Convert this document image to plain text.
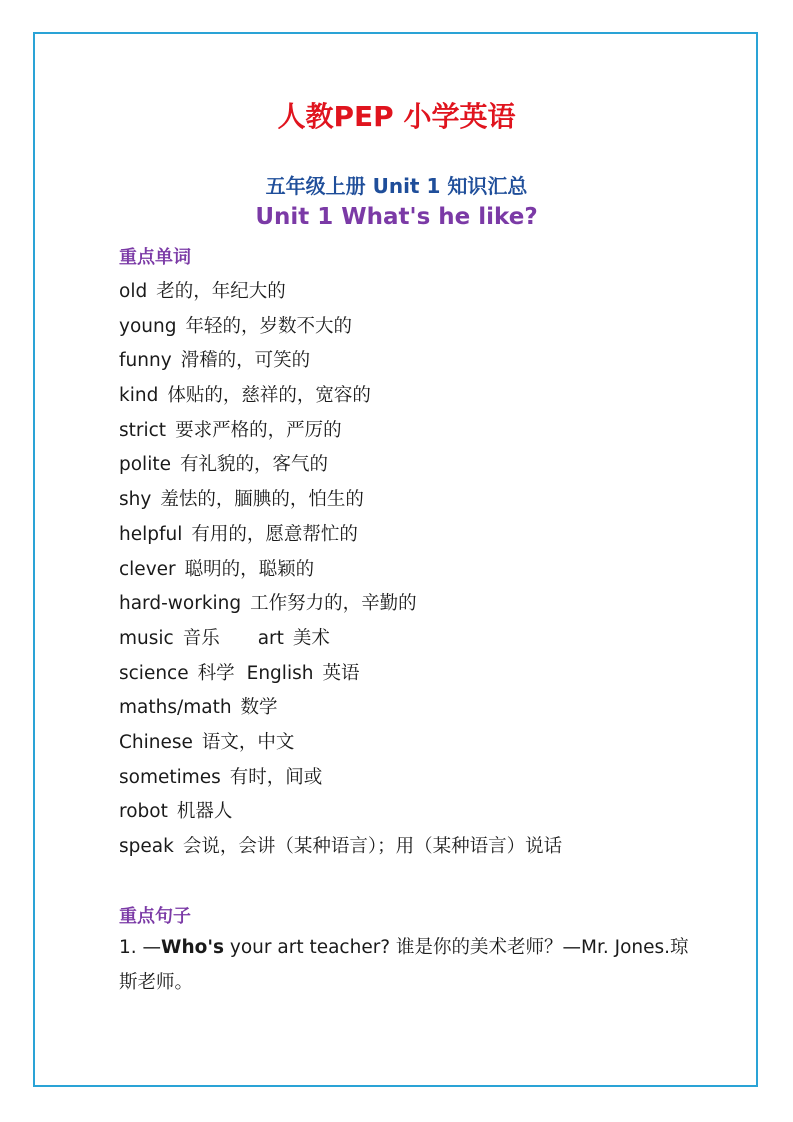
人教PEP 小学英语
五年级上册 Unit 1 知识汇总
Unit 1 What's he like?
重点单词
old 老的，年纪大的
young 年轻的，岁数不大的
funny 滑稽的，可笑的
kind 体贴的，慈祥的，宽容的
strict 要求严格的，严厉的
polite 有礼貌的，客气的
shy 羞怯的，腼腆的，怕生的
helpful 有用的，愿意帮忙的
clever 聪明的，聪颖的
hard-working 工作努力的，辛勤的
music 音乐 art 美术
science 科学 English 英语
maths/math 数学
Chinese 语文，中文
sometimes 有时，间或
robot 机器人
speak 会说，会讲（某种语言）；用（某种语言）说话
重点句子

1. —Who's your art teacher? 谁是你的美术老师？—Mr. Jones.琼斯老师。
